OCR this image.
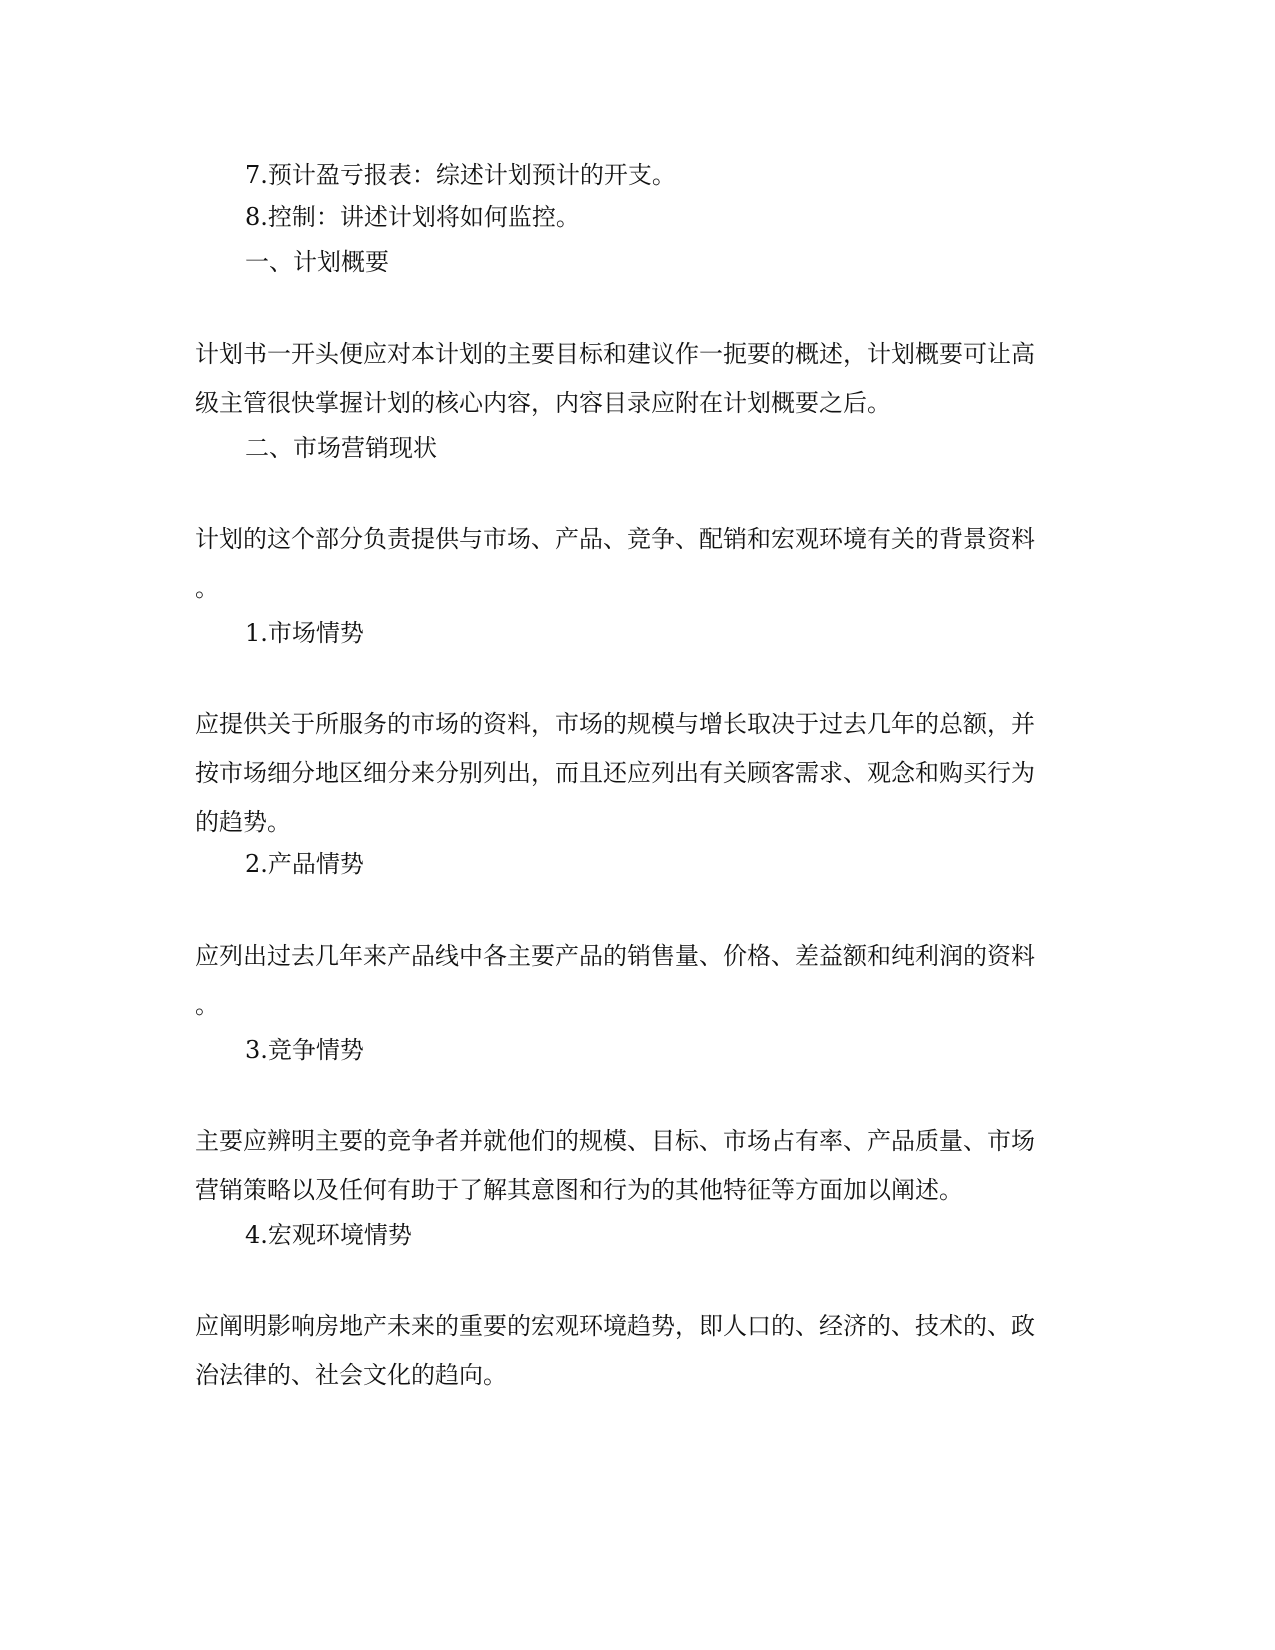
7.预计盈亏报表：综述计划预计的开支。

8.控制：讲述计划将如何监控。

一、计划概要

计划书一开头便应对本计划的主要目标和建议作一扼要的概述，计划概要可让高
级主管很快掌握计划的核心内容，内容目录应附在计划概要之后。

二、市场营销现状

计划的这个部分负责提供与市场、产品、竞争、配销和宏观环境有关的背景资料
。

1.市场情势

应提供关于所服务的市场的资料，市场的规模与增长取决于过去几年的总额，并
按市场细分地区细分来分别列出，而且还应列出有关顾客需求、观念和购买行为
的趋势。

2.产品情势

应列出过去几年来产品线中各主要产品的销售量、价格、差益额和纯利润的资料
。

3.竞争情势

主要应辨明主要的竞争者并就他们的规模、目标、市场占有率、产品质量、市场
营销策略以及任何有助于了解其意图和行为的其他特征等方面加以阐述。

4.宏观环境情势

应阐明影响房地产未来的重要的宏观环境趋势，即人口的、经济的、技术的、政
治法律的、社会文化的趋向。
